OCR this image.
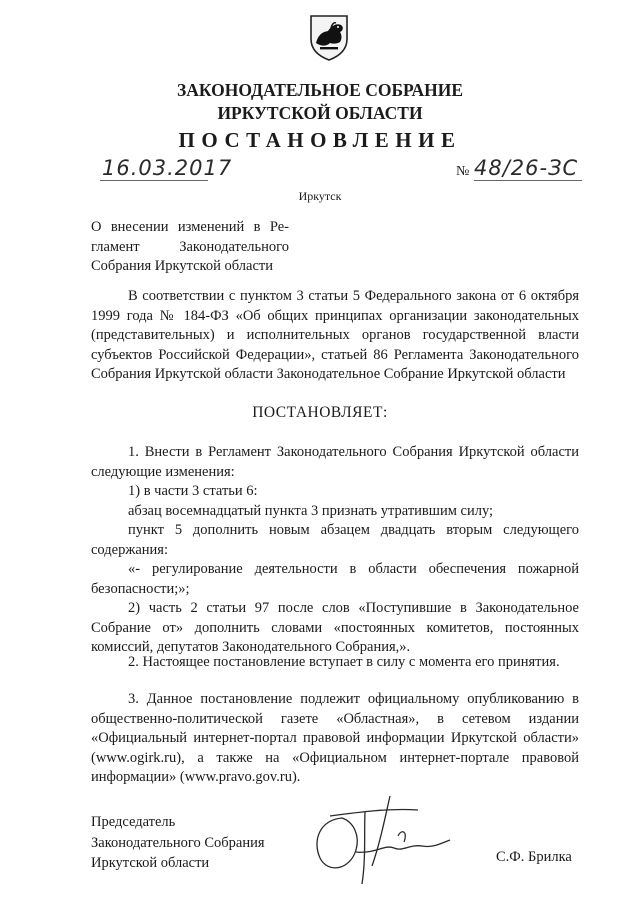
ЗАКОНОДАТЕЛЬНОЕ СОБРАНИЕ
ИРКУТСКОЙ ОБЛАСТИ
ПОСТАНОВЛЕНИЕ
16.03.2017	№ 48/26-ЗС
Иркутск
О внесении изменений в Ре-
гламент Законодательного
Собрания Иркутской области

В соответствии с пунктом 3 статьи 5 Федерального закона от 6 октября 1999 года № 184-ФЗ «Об общих принципах организации законодательных (представительных) и исполнительных органов государственной власти субъектов Российской Федерации», статьей 86 Регламента Законодательного Собрания Иркутской области Законодательное Собрание Иркутской области

ПОСТАНОВЛЯЕТ:

1. Внести в Регламент Законодательного Собрания Иркутской области следующие изменения:

1) в части 3 статьи 6:

абзац восемнадцатый пункта 3 признать утратившим силу;

пункт 5 дополнить новым абзацем двадцать вторым следующего содержания:

«- регулирование деятельности в области обеспечения пожарной безопасности;»;

2) часть 2 статьи 97 после слов «Поступившие в Законодательное Собрание от» дополнить словами «постоянных комитетов, постоянных комиссий, депутатов Законодательного Собрания,».

2. Настоящее постановление вступает в силу с момента его принятия.

3. Данное постановление подлежит официальному опубликованию в общественно-политической газете «Областная», в сетевом издании «Официальный интернет-портал правовой информации Иркутской области» (www.ogirk.ru), а также на «Официальном интернет-портале правовой информации» (www.pravo.gov.ru).

Председатель
Законодательного Собрания
Иркутской области	С.Ф. Брилка
